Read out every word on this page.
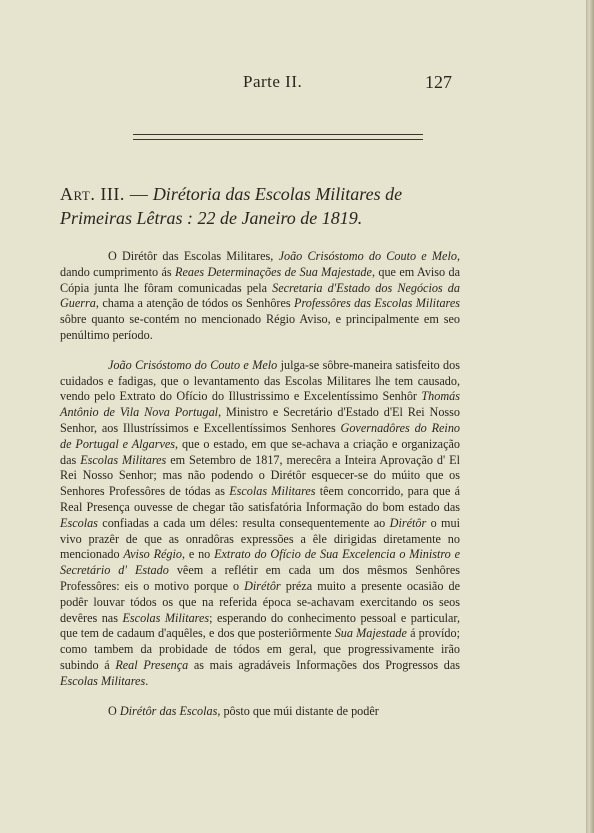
Parte II.	127
Art. III. — Dirétoria das Escolas Militares de Primeiras Lêtras : 22 de Janeiro de 1819.

O Dirétôr das Escolas Militares, João Crisóstomo do Couto e Melo, dando cumprimento ás Reaes Determinações de Sua Majestade, que em Aviso da Cópia junta lhe fôram comunicadas pela Secretaria d'Estado dos Negócios da Guerra, chama a atenção de tódos os Senhôres Professôres das Escolas Militares sôbre quanto se-contém no mencionado Régio Aviso, e principalmente em seo penúltimo período.

João Crisóstomo do Couto e Melo julga-se sôbre-maneira satisfeito dos cuidados e fadigas, que o levantamento das Escolas Militares lhe tem causado, vendo pelo Extrato do Ofício do Illustrissimo e Excelentíssimo Senhôr Thomás Antônio de Vila Nova Portugal, Ministro e Secretário d'Estado d'El Rei Nosso Senhor, aos Illustríssimos e Excellentíssimos Senhores Governadôres do Reino de Portugal e Algarves, que o estado, em que se-achava a criação e organização das Escolas Militares em Setembro de 1817, merecêra a Inteira Aprovação d' El Rei Nosso Senhor; mas não podendo o Dirétôr esquecer-se do múito que os Senhores Professôres de tódas as Escolas Militares têem concorrido, para que á Real Presença ouvesse de chegar tão satisfatória Informação do bom estado das Escolas confiadas a cada um déles: resulta consequentemente ao Dirétôr o mui vivo prazêr de que as onradôras expressões a êle dirigidas diretamente no mencionado Aviso Régio, e no Extrato do Ofício de Sua Excelencia o Ministro e Secretário d' Estado vêem a reflétir em cada um dos mêsmos Senhôres Professôres: eis o motivo porque o Dirétôr préza muito a presente ocasião de podêr louvar tódos os que na referida época se-achavam exercitando os seos devêres nas Escolas Militares; esperando do conhecimento pessoal e particular, que tem de cadaum d'aquêles, e dos que posteriôrmente Sua Majestade á provído; como tambem da probidade de tódos em geral, que progressivamente irão subindo á Real Presença as mais agradáveis Informações dos Progressos das Escolas Militares.

O Dirétôr das Escolas, pôsto que múi distante de podêr
